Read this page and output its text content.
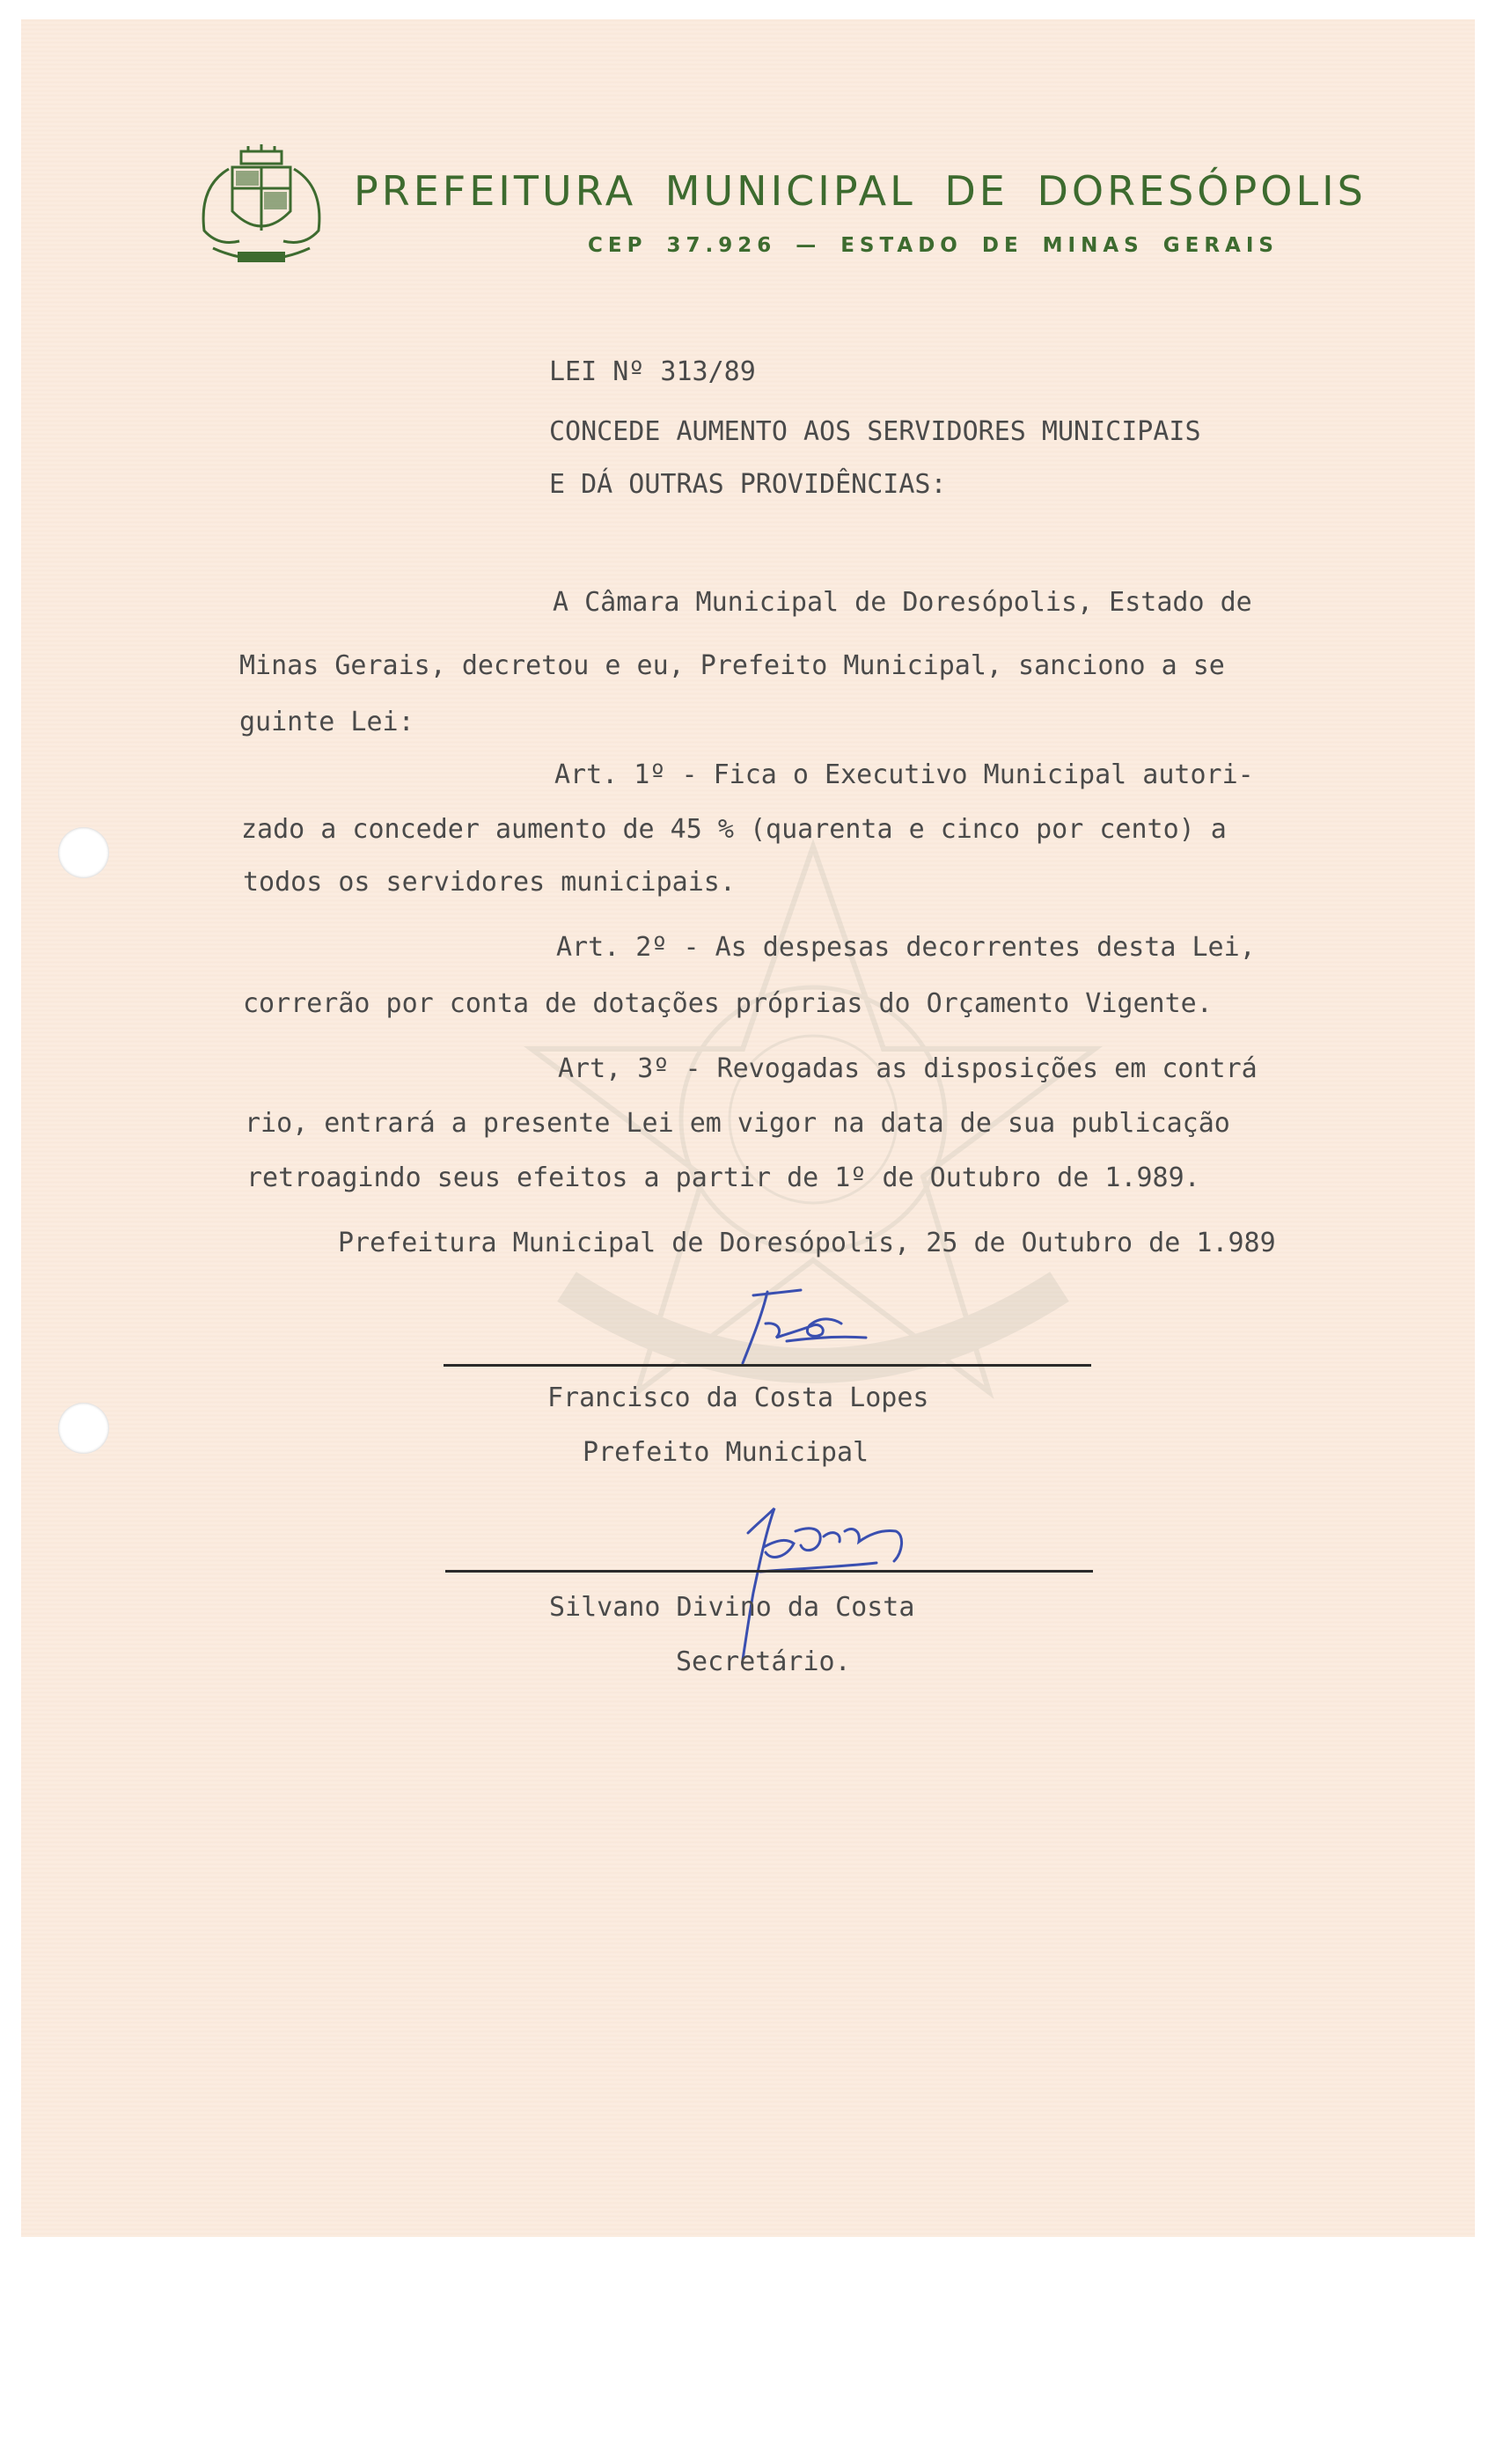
PREFEITURA MUNICIPAL DE DORESÓPOLIS
CEP 37.926 — ESTADO DE MINAS GERAIS
LEI Nº 313/89
CONCEDE AUMENTO AOS SERVIDORES MUNICIPAIS
E DÁ OUTRAS PROVIDÊNCIAS:
A Câmara Municipal de Doresópolis, Estado de
Minas Gerais, decretou e eu, Prefeito Municipal, sanciono a se
guinte Lei:
Art. 1º - Fica o Executivo Municipal autori-
zado a conceder aumento de 45 % (quarenta e cinco por cento) a
todos os servidores municipais.
Art. 2º - As despesas decorrentes desta Lei,
correrão por conta de dotações próprias do Orçamento Vigente.
Art, 3º - Revogadas as disposições em contrá
rio, entrará a presente Lei em vigor na data de sua publicação
retroagindo seus efeitos a partir de 1º de Outubro de 1.989.
Prefeitura Municipal de Doresópolis, 25 de Outubro de 1.989
Francisco da Costa Lopes
Prefeito Municipal
Silvano Divino da Costa
Secretário.
